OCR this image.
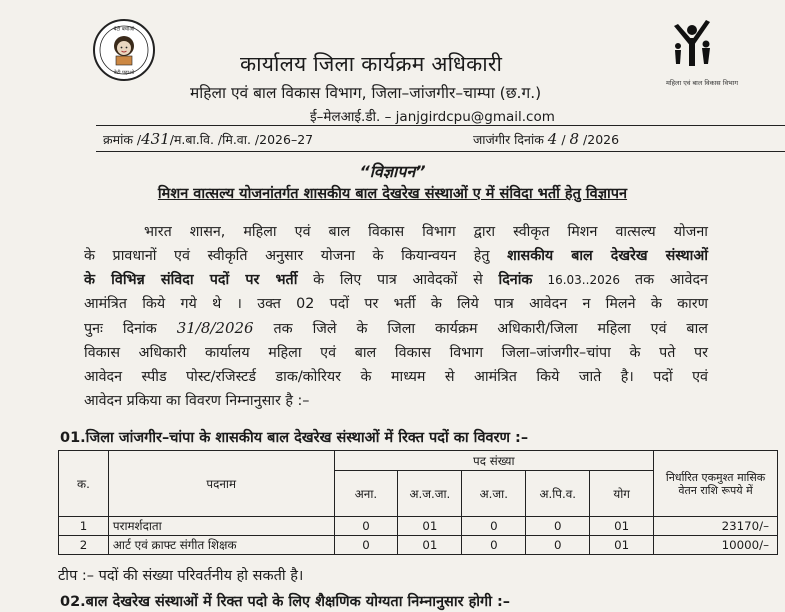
बेटी बचाओ
बेटी पढ़ाओ
महिला एवं बाल विकास विभाग
कार्यालय जिला कार्यक्रम अधिकारी
महिला एवं बाल विकास विभाग, जिला–जांजगीर–चाम्पा (छ.ग.)
ई–मेलआई.डी. – janjgirdcpu@gmail.com
क्रमांक /431/म.बा.वि. /मि.वा. /2026–27	जाजंगीर दिनांक 4 / 8 /2026
“विज्ञापन”
मिशन वात्सल्य योजनांतर्गत शासकीय बाल देखरेख संस्थाओं ए में संविदा भर्ती हेतु विज्ञापन
भारत शासन, महिला एवं बाल विकास विभाग द्वारा स्वीकृत मिशन वात्सल्य योजना
के प्रावधानों एवं स्वीकृति अनुसार योजना के कियान्वयन हेतु शासकीय बाल देखरेख संस्थाओं
के विभिन्न संविदा पदों पर भर्ती के लिए पात्र आवेदकों से दिनांक 16.03..2026 तक आवेदन
आमंत्रित किये गये थे । उक्त 02 पदों पर भर्ती के लिये पात्र आवेदन न मिलने के कारण
पुनः दिनांक 31/8/2026 तक जिले के जिला कार्यक्रम अधिकारी/जिला महिला एवं बाल
विकास अधिकारी कार्यालय महिला एवं बाल विकास विभाग जिला–जांजगीर–चांपा के पते पर
आवेदन स्पीड पोस्ट/रजिस्टर्ड डाक/कोरियर के माध्यम से आमंत्रित किये जाते है। पदों एवं
आवेदन प्रकिया का विवरण निम्नानुसार है :–
01.जिला जांजगीर–चांपा के शासकीय बाल देखरेख संस्थाओं में रिक्त पदों का विवरण :–
क.	पदनाम	पद संख्या					निर्धारित एकमुश्त मासिक वेतन राशि रूपये में
		अना.	अ.ज.जा.	अ.जा.	अ.पि.व.	योग	
1	परामर्शदाता	0	01	0	0	01	23170/–
2	आर्ट एवं क्राफ्ट संगीत शिक्षक	0	01	0	0	01	10000/–
टीप :– पदों की संख्या परिवर्तनीय हो सकती है।
02.बाल देखरेख संस्थाओं में रिक्त पदो के लिए शैक्षणिक योग्यता निम्नानुसार होगी :–
